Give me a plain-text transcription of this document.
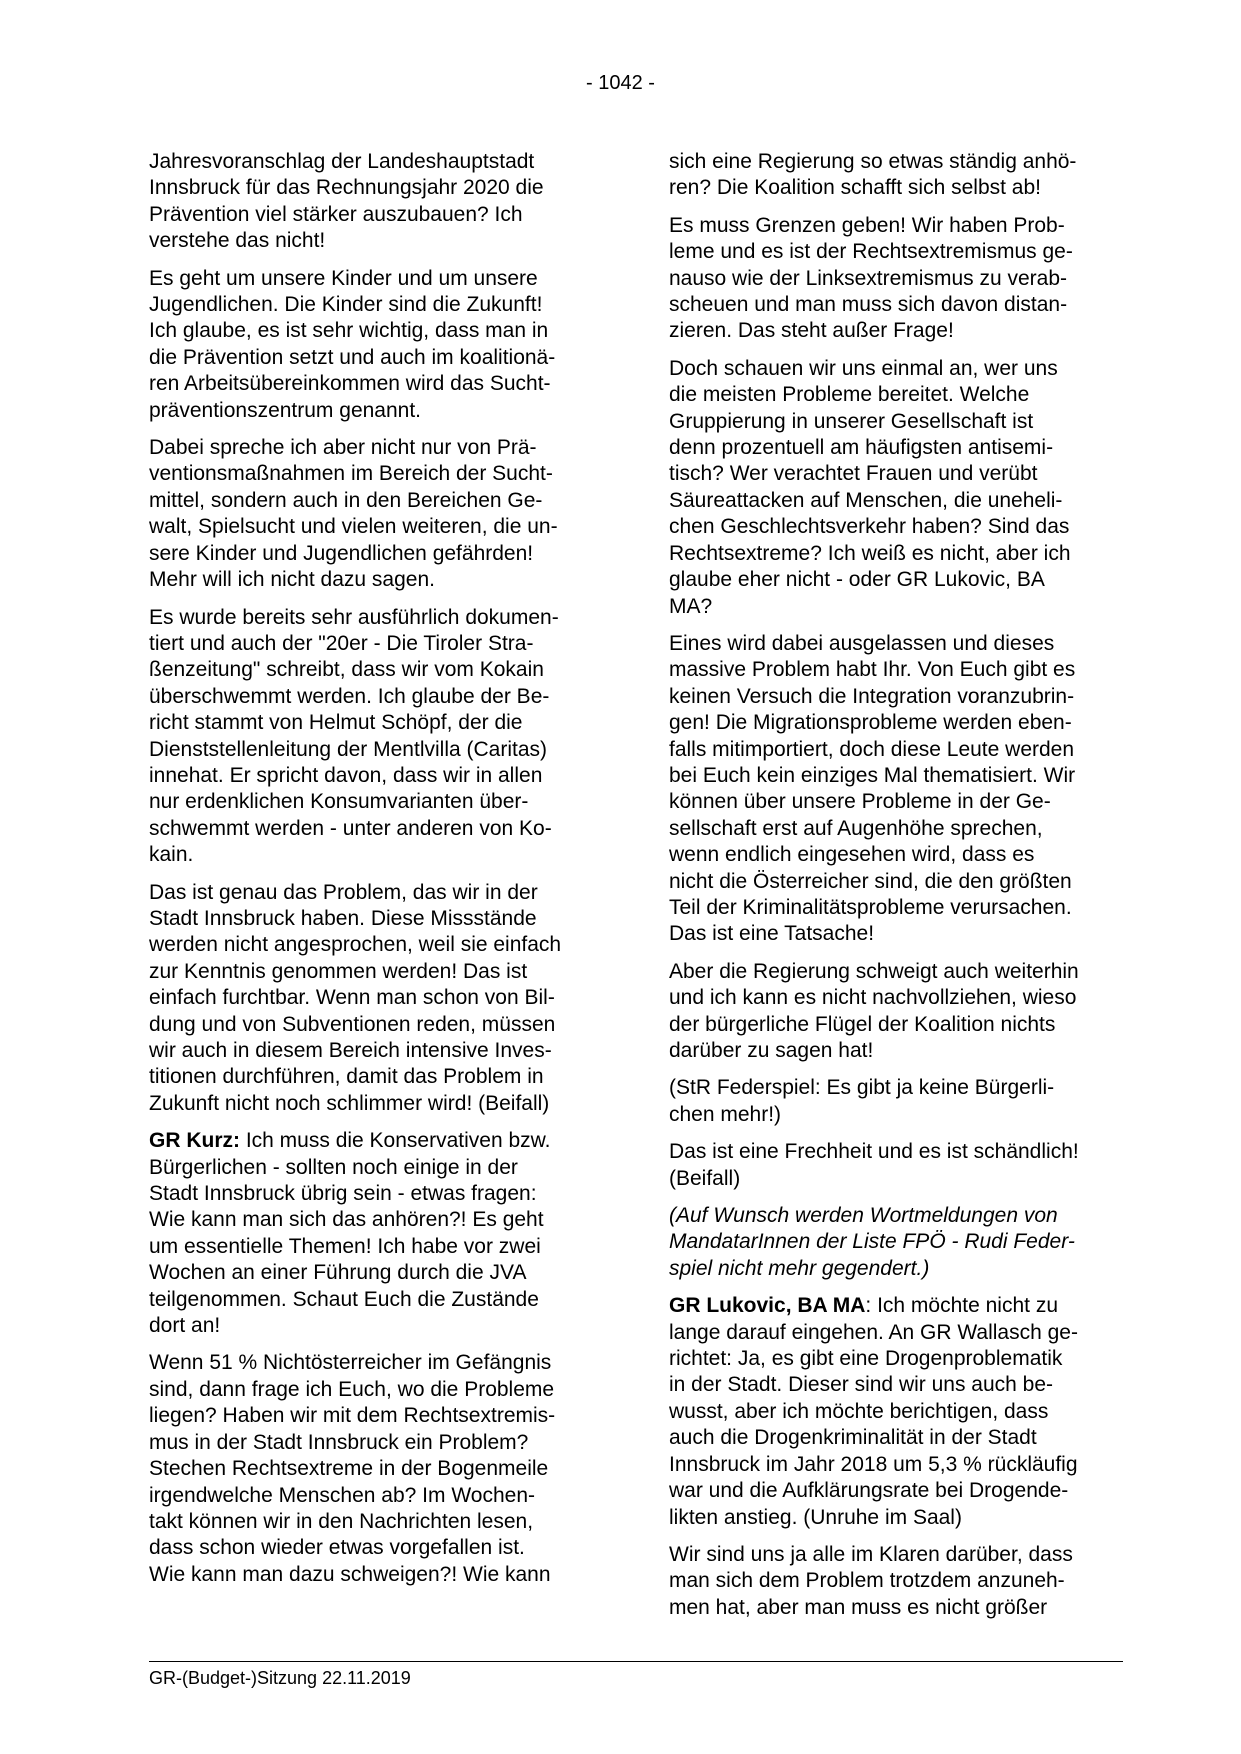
- 1042 -

Jahresvoranschlag der Landeshauptstadt
Innsbruck für das Rechnungsjahr 2020 die
Prävention viel stärker auszubauen? Ich
verstehe das nicht!

Es geht um unsere Kinder und um unsere
Jugendlichen. Die Kinder sind die Zukunft!
Ich glaube, es ist sehr wichtig, dass man in
die Prävention setzt und auch im koalitionä-
ren Arbeitsübereinkommen wird das Sucht-
präventionszentrum genannt.

Dabei spreche ich aber nicht nur von Prä-
ventionsmaßnahmen im Bereich der Sucht-
mittel, sondern auch in den Bereichen Ge-
walt, Spielsucht und vielen weiteren, die un-
sere Kinder und Jugendlichen gefährden!
Mehr will ich nicht dazu sagen.

Es wurde bereits sehr ausführlich dokumen-
tiert und auch der "20er - Die Tiroler Stra-
ßenzeitung" schreibt, dass wir vom Kokain
überschwemmt werden. Ich glaube der Be-
richt stammt von Helmut Schöpf, der die
Dienststellenleitung der Mentlvilla (Caritas)
innehat. Er spricht davon, dass wir in allen
nur erdenklichen Konsumvarianten über-
schwemmt werden - unter anderen von Ko-
kain.

Das ist genau das Problem, das wir in der
Stadt Innsbruck haben. Diese Missstände
werden nicht angesprochen, weil sie einfach
zur Kenntnis genommen werden! Das ist
einfach furchtbar. Wenn man schon von Bil-
dung und von Subventionen reden, müssen
wir auch in diesem Bereich intensive Inves-
titionen durchführen, damit das Problem in
Zukunft nicht noch schlimmer wird! (Beifall)

GR Kurz: Ich muss die Konservativen bzw.
Bürgerlichen - sollten noch einige in der
Stadt Innsbruck übrig sein - etwas fragen:
Wie kann man sich das anhören?! Es geht
um essentielle Themen! Ich habe vor zwei
Wochen an einer Führung durch die JVA
teilgenommen. Schaut Euch die Zustände
dort an!

Wenn 51 % Nichtösterreicher im Gefängnis
sind, dann frage ich Euch, wo die Probleme
liegen? Haben wir mit dem Rechtsextremis-
mus in der Stadt Innsbruck ein Problem?
Stechen Rechtsextreme in der Bogenmeile
irgendwelche Menschen ab? Im Wochen-
takt können wir in den Nachrichten lesen,
dass schon wieder etwas vorgefallen ist.
Wie kann man dazu schweigen?! Wie kann

sich eine Regierung so etwas ständig anhö-
ren? Die Koalition schafft sich selbst ab!

Es muss Grenzen geben! Wir haben Prob-
leme und es ist der Rechtsextremismus ge-
nauso wie der Linksextremismus zu verab-
scheuen und man muss sich davon distan-
zieren. Das steht außer Frage!

Doch schauen wir uns einmal an, wer uns
die meisten Probleme bereitet. Welche
Gruppierung in unserer Gesellschaft ist
denn prozentuell am häufigsten antisemi-
tisch? Wer verachtet Frauen und verübt
Säureattacken auf Menschen, die uneheli-
chen Geschlechtsverkehr haben? Sind das
Rechtsextreme? Ich weiß es nicht, aber ich
glaube eher nicht - oder GR Lukovic, BA
MA?

Eines wird dabei ausgelassen und dieses
massive Problem habt Ihr. Von Euch gibt es
keinen Versuch die Integration voranzubrin-
gen! Die Migrationsprobleme werden eben-
falls mitimportiert, doch diese Leute werden
bei Euch kein einziges Mal thematisiert. Wir
können über unsere Probleme in der Ge-
sellschaft erst auf Augenhöhe sprechen,
wenn endlich eingesehen wird, dass es
nicht die Österreicher sind, die den größten
Teil der Kriminalitätsprobleme verursachen.
Das ist eine Tatsache!

Aber die Regierung schweigt auch weiterhin
und ich kann es nicht nachvollziehen, wieso
der bürgerliche Flügel der Koalition nichts
darüber zu sagen hat!

(StR Federspiel: Es gibt ja keine Bürgerli-
chen mehr!)

Das ist eine Frechheit und es ist schändlich!
(Beifall)

(Auf Wunsch werden Wortmeldungen von
MandatarInnen der Liste FPÖ - Rudi Feder-
spiel nicht mehr gegendert.)

GR Lukovic, BA MA: Ich möchte nicht zu
lange darauf eingehen. An GR Wallasch ge-
richtet: Ja, es gibt eine Drogenproblematik
in der Stadt. Dieser sind wir uns auch be-
wusst, aber ich möchte berichtigen, dass
auch die Drogenkriminalität in der Stadt
Innsbruck im Jahr 2018 um 5,3 % rückläufig
war und die Aufklärungsrate bei Drogende-
likten anstieg. (Unruhe im Saal)

Wir sind uns ja alle im Klaren darüber, dass
man sich dem Problem trotzdem anzuneh-
men hat, aber man muss es nicht größer

GR-(Budget-)Sitzung 22.11.2019
